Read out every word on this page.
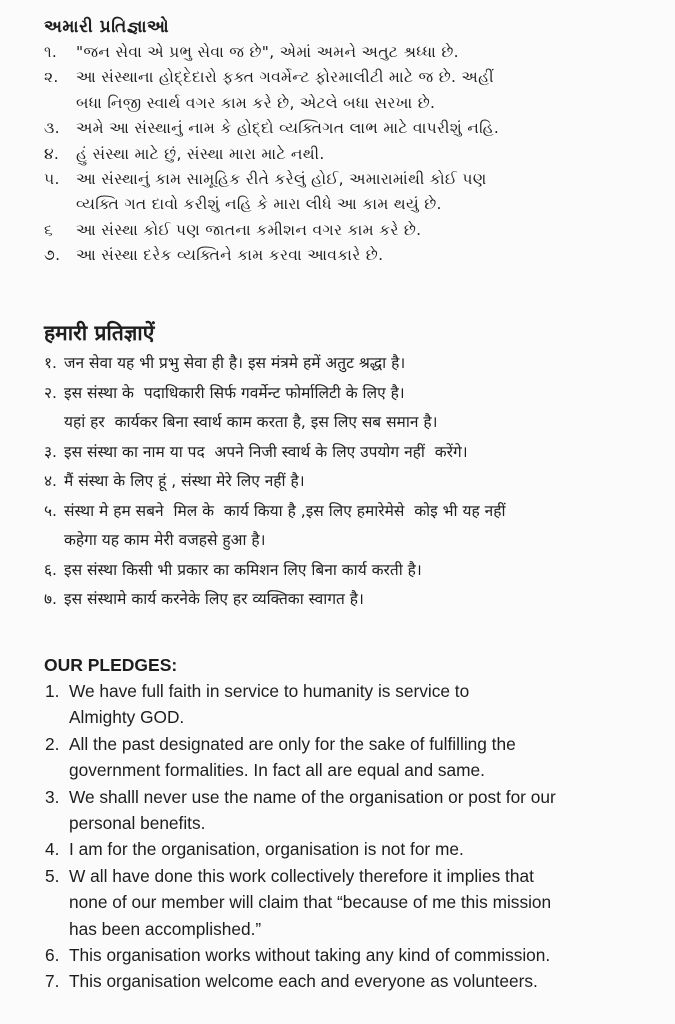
અમારી પ્રતિજ્ઞાઓ
૧.	"જન સેવા એ પ્રભુ સેવા જ છે", એમાં અમને અતુટ શ્રધ્ધા છે.
૨.	આ સંસ્થાના હોદ્દેદારો ફક્ત ગવર્મેન્ટ ફોરમાલીટી માટે જ છે. અહીં
બધા નિજી સ્વાર્થ વગર કામ કરે છે, એટલે બધા સરખા છે.
૩.	અમે આ સંસ્થાનું નામ કે હોદ્દો વ્યક્તિગત લાભ માટે વાપરીશું નહિ.
૪.	હું સંસ્થા માટે છું, સંસ્થા મારા માટે નથી.
૫.	આ સંસ્થાનું કામ સામૂહિક રીતે કરેલું હોઈ, અમારામાંથી કોઈ પણ
વ્યક્તિ ગત દાવો કરીશું નહિ કે મારા લીધે આ કામ થયું છે.
૬	આ સંસ્થા કોઈ પણ જાતના કમીશન વગર કામ કરે છે.
૭.	આ સંસ્થા દરેક વ્યક્તિને કામ કરવા આવકારે છે.
हमारी प्रतिज्ञाऐं
१. जन सेवा यह भी प्रभु सेवा ही है। इस मंत्रमे हमें अतुट श्रद्धा है।
२. इस संस्था के  पदाधिकारी सिर्फ गवर्मेन्ट फोर्मालिटी के लिए है।
यहां हर  कार्यकर बिना स्वार्थ काम करता है, इस लिए सब समान है।
३. इस संस्था का नाम या पद  अपने निजी स्वार्थ के लिए उपयोग नहीं  करेंगे।
४. मैं संस्था के लिए हूं , संस्था मेरे लिए नहीं है।
५. संस्था मे हम सबने  मिल के  कार्य किया है ,इस लिए हमारेमेसे  कोइ भी यह नहीं
कहेगा यह काम मेरी वजहसे हुआ है।
६. इस संस्था किसी भी प्रकार का कमिशन लिए बिना कार्य करती है।
७. इस संस्थामे कार्य करनेके लिए हर व्यक्तिका स्वागत है।
OUR PLEDGES:
1. We have full faith in service to humanity is service to
Almighty GOD.
2. All the past designated are only for the sake of fulfilling the
government formalities. In fact all are equal and same.
3. We shalll never use the name of the organisation or post for our
personal benefits.
4. I am for the organisation, organisation is not for me.
5. W all have done this work collectively therefore it implies that
none of our member will claim that “because of me this mission
has been accomplished.”
6. This organisation works without taking any kind of commission.
7. This organisation welcome each and everyone as volunteers.
